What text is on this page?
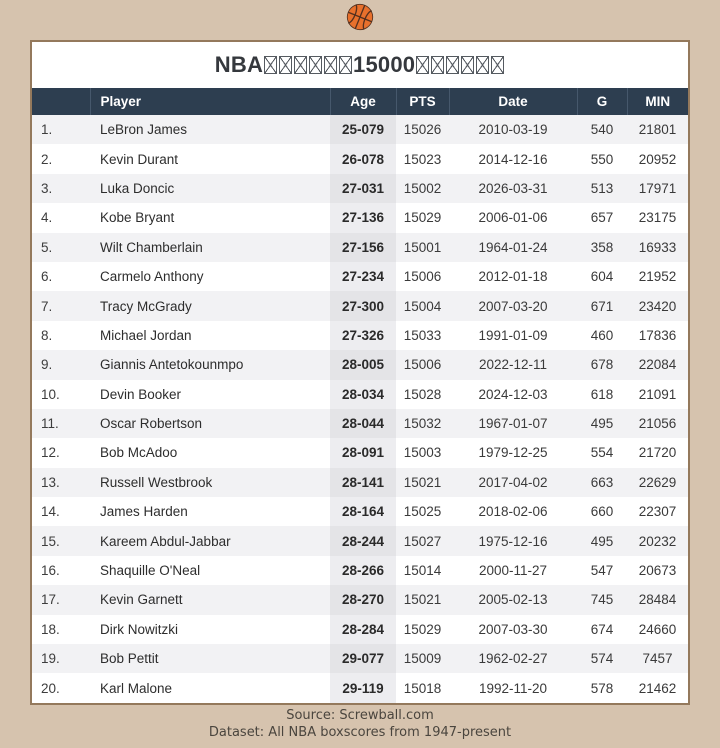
NBA	15000
	Player	Age	PTS	Date	G	MIN
1.	LeBron James	25-079	15026	2010-03-19	540	21801
2.	Kevin Durant	26-078	15023	2014-12-16	550	20952
3.	Luka Doncic	27-031	15002	2026-03-31	513	17971
4.	Kobe Bryant	27-136	15029	2006-01-06	657	23175
5.	Wilt Chamberlain	27-156	15001	1964-01-24	358	16933
6.	Carmelo Anthony	27-234	15006	2012-01-18	604	21952
7.	Tracy McGrady	27-300	15004	2007-03-20	671	23420
8.	Michael Jordan	27-326	15033	1991-01-09	460	17836
9.	Giannis Antetokounmpo	28-005	15006	2022-12-11	678	22084
10.	Devin Booker	28-034	15028	2024-12-03	618	21091
11.	Oscar Robertson	28-044	15032	1967-01-07	495	21056
12.	Bob McAdoo	28-091	15003	1979-12-25	554	21720
13.	Russell Westbrook	28-141	15021	2017-04-02	663	22629
14.	James Harden	28-164	15025	2018-02-06	660	22307
15.	Kareem Abdul-Jabbar	28-244	15027	1975-12-16	495	20232
16.	Shaquille O'Neal	28-266	15014	2000-11-27	547	20673
17.	Kevin Garnett	28-270	15021	2005-02-13	745	28484
18.	Dirk Nowitzki	28-284	15029	2007-03-30	674	24660
19.	Bob Pettit	29-077	15009	1962-02-27	574	7457
20.	Karl Malone	29-119	15018	1992-11-20	578	21462
Source: Screwball.com
Dataset: All NBA boxscores from 1947-present
